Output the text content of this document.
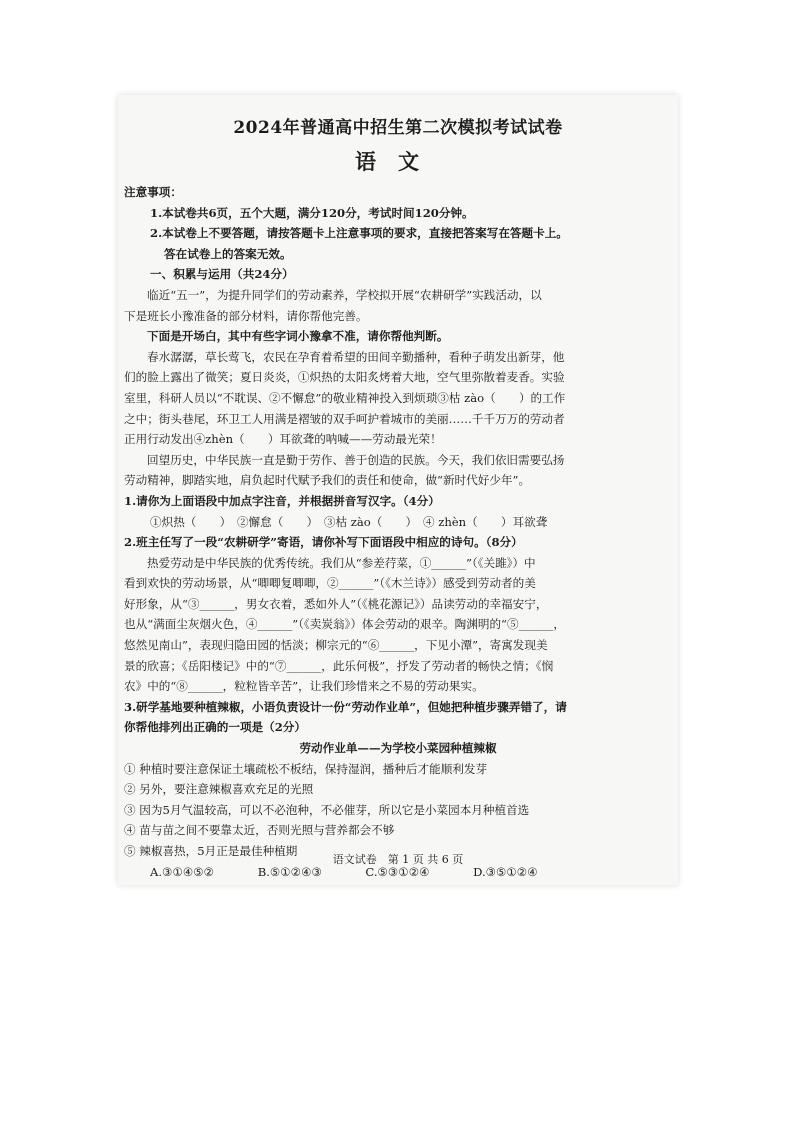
2024年普通高中招生第二次模拟考试试卷
语文
注意事项：
1.本试卷共6页，五个大题，满分120分，考试时间120分钟。
2.本试卷上不要答题，请按答题卡上注意事项的要求，直接把答案写在答题卡上。
答在试卷上的答案无效。
一、积累与运用（共24分）
临近“五一”，为提升同学们的劳动素养，学校拟开展“农耕研学”实践活动，以
下是班长小豫准备的部分材料，请你帮他完善。
下面是开场白，其中有些字词小豫拿不准，请你帮他判断。
春水潺潺，草长莺飞，农民在孕育着希望的田间辛勤播种，看种子萌发出新芽，他
们的脸上露出了微笑；夏日炎炎，①炽热的太阳炙烤着大地，空气里弥散着麦香。实验
室里，科研人员以“不耽误、②不懈怠”的敬业精神投入到烦琐③枯 zào（　　）的工作
之中；街头巷尾，环卫工人用满是褶皱的双手呵护着城市的美丽……千千万万的劳动者
正用行动发出④zhèn（　　）耳欲聋的呐喊——劳动最光荣！
回望历史，中华民族一直是勤于劳作、善于创造的民族。今天，我们依旧需要弘扬
劳动精神，脚踏实地，肩负起时代赋予我们的责任和使命，做“新时代好少年”。
1.请你为上面语段中加点字注音，并根据拼音写汉字。（4分）
①炽热（　　）　②懈怠（　　）　③枯 zào（　　）　④ zhèn（　　）耳欲聋
2.班主任写了一段“农耕研学”寄语，请你补写下面语段中相应的诗句。（8分）
热爱劳动是中华民族的优秀传统。我们从“参差荇菜，①______”（《关雎》）中
看到欢快的劳动场景，从“唧唧复唧唧，②______”（《木兰诗》）感受到劳动者的美
好形象，从“③______，男女衣着，悉如外人”（《桃花源记》）品读劳动的幸福安宁，
也从“满面尘灰烟火色，④______”（《卖炭翁》）体会劳动的艰辛。陶渊明的“⑤______，
悠然见南山”，表现归隐田园的恬淡；柳宗元的“⑥______，下见小潭”，寄寓发现美
景的欣喜；《岳阳楼记》中的“⑦______，此乐何极”，抒发了劳动者的畅快之情；《悯
农》中的“⑧______，粒粒皆辛苦”，让我们珍惜来之不易的劳动果实。
3.研学基地要种植辣椒，小语负责设计一份“劳动作业单”，但她把种植步骤弄错了，请
你帮他排列出正确的一项是（2分）
劳动作业单——为学校小菜园种植辣椒
① 种植时要注意保证土壤疏松不板结，保持湿润，播种后才能顺利发芽
② 另外，要注意辣椒喜欢充足的光照
③ 因为5月气温较高，可以不必泡种，不必催芽，所以它是小菜园本月种植首选
④ 苗与苗之间不要靠太近，否则光照与营养都会不够
⑤ 辣椒喜热，5月正是最佳种植期
A.③①④⑤②	B.⑤①②④③	C.⑤③①②④	D.③⑤①②④
语文试卷　第 1 页 共 6 页
